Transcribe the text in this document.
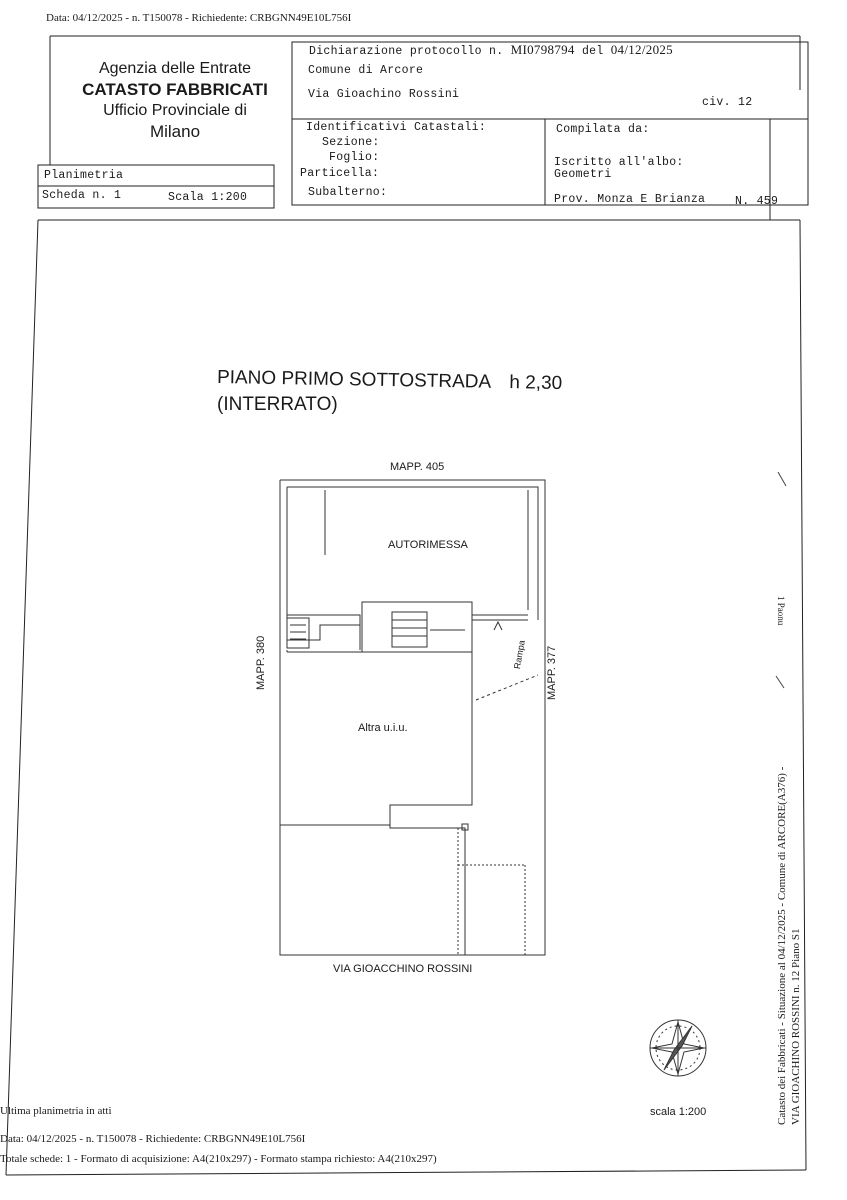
Data: 04/12/2025 - n. T150078 - Richiedente: CRBGNN49E10L756I
Agenzia delle Entrate
CATASTO FABBRICATI
Ufficio Provinciale di
Milano
Dichiarazione protocollo n. MI0798794 del 04/12/2025
Comune di Arcore
Via Gioachino Rossini
civ. 12
Identificativi Catastali:
Sezione:
Foglio:
Particella:
Subalterno:
Compilata da:
Iscritto all'albo:
Geometri
Prov. Monza E Brianza	N. 459
Planimetria
Scheda n. 1	Scala 1:200
PIANO PRIMO SOTTOSTRADA h 2,30
(INTERRATO)
MAPP. 405
AUTORIMESSA
Altra u.i.u.
VIA GIOACCHINO ROSSINI
scala 1:200
MAPP. 380	MAPP. 377
Rampa
Catasto dei Fabbricati - Situazione al 04/12/2025 - Comune di ARCORE(A376) - VIA GIOACHINO ROSSINI n. 12 Piano S1
1 Paonu
Ultima planimetria in atti
Data: 04/12/2025 - n. T150078 - Richiedente: CRBGNN49E10L756I
Totale schede: 1 - Formato di acquisizione: A4(210x297) - Formato stampa richiesto: A4(210x297)
